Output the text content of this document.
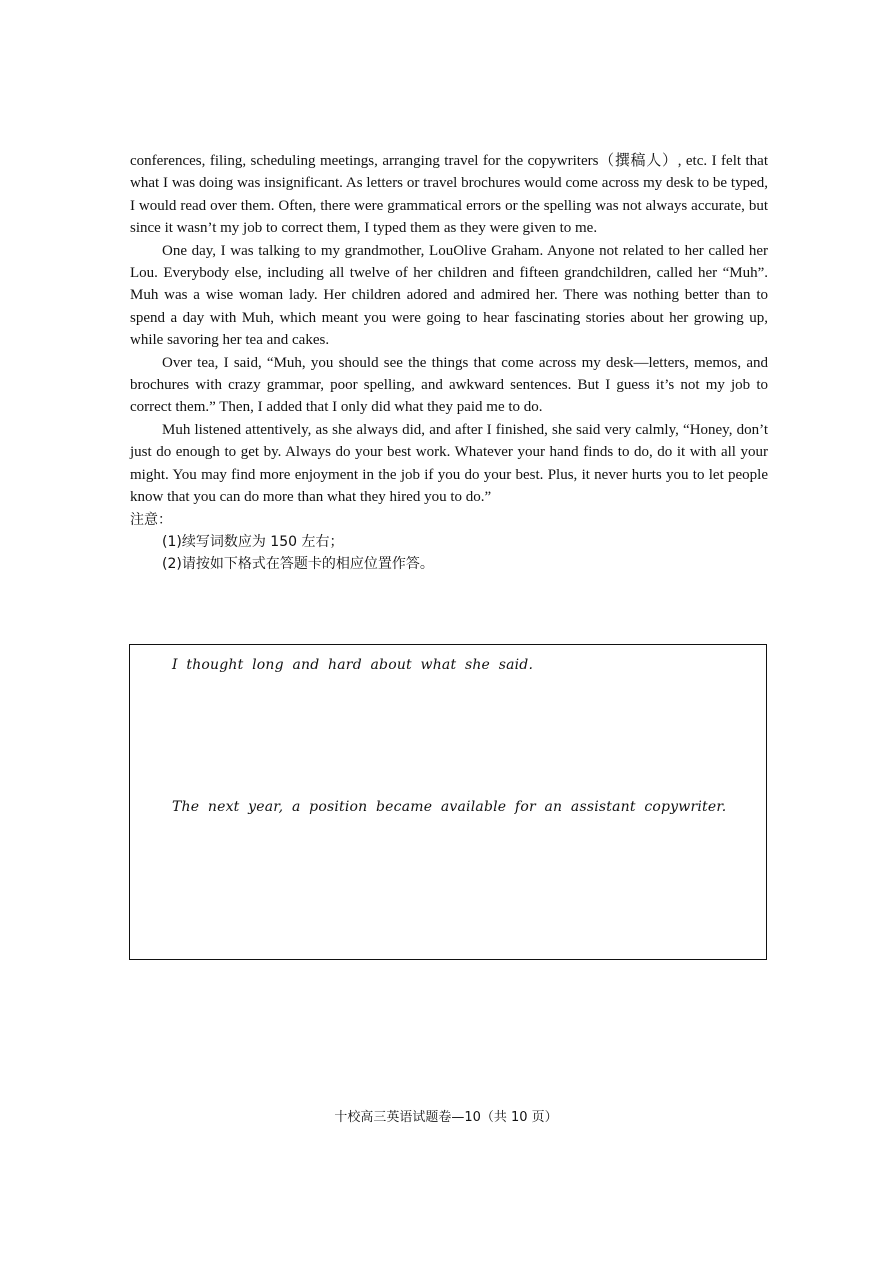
conferences, filing, scheduling meetings, arranging travel for the copywriters（撰稿人）, etc. I felt that what I was doing was insignificant. As letters or travel brochures would come across my desk to be typed, I would read over them. Often, there were grammatical errors or the spelling was not always accurate, but since it wasn’t my job to correct them, I typed them as they were given to me.

One day, I was talking to my grandmother, LouOlive Graham. Anyone not related to her called her Lou. Everybody else, including all twelve of her children and fifteen grandchildren, called her “Muh”. Muh was a wise woman lady. Her children adored and admired her. There was nothing better than to spend a day with Muh, which meant you were going to hear fascinating stories about her growing up, while savoring her tea and cakes.

Over tea, I said, “Muh, you should see the things that come across my desk—letters, memos, and brochures with crazy grammar, poor spelling, and awkward sentences. But I guess it’s not my job to correct them.” Then, I added that I only did what they paid me to do.

Muh listened attentively, as she always did, and after I finished, she said very calmly, “Honey, don’t just do enough to get by. Always do your best work. Whatever your hand finds to do, do it with all your might. You may find more enjoyment in the job if you do your best. Plus, it never hurts you to let people know that you can do more than what they hired you to do.”

注意：

(1)续写词数应为 150 左右；

(2)请按如下格式在答题卡的相应位置作答。

I thought long and hard about what she said.
The next year, a position became available for an assistant copywriter.
十校高三英语试题卷—10（共 10 页）
